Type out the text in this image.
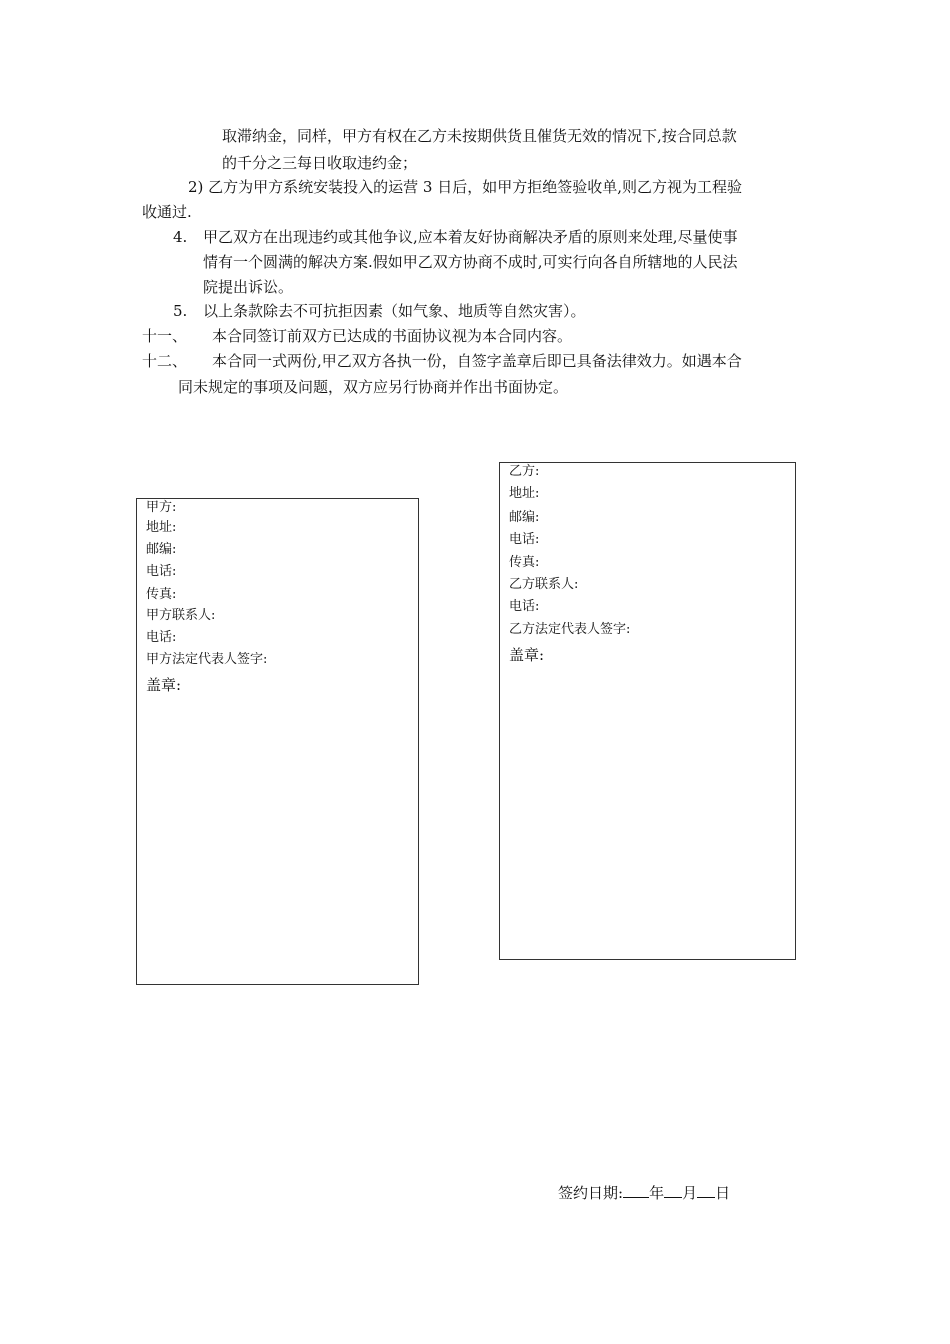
取滞纳金，同样，甲方有权在乙方未按期供货且催货无效的情况下,按合同总款
的千分之三每日收取违约金；
2) 乙方为甲方系统安装投入的运营 3 日后，如甲方拒绝签验收单,则乙方视为工程验
收通过.
4. 甲乙双方在出现违约或其他争议,应本着友好协商解决矛盾的原则来处理,尽量使事
情有一个圆满的解决方案.假如甲乙双方协商不成时,可实行向各自所辖地的人民法
院提出诉讼。
5. 以上条款除去不可抗拒因素（如气象、地质等自然灾害）。
十一、 本合同签订前双方已达成的书面协议视为本合同内容。
十二、 本合同一式两份,甲乙双方各执一份，自签字盖章后即已具备法律效力。如遇本合
同未规定的事项及问题，双方应另行协商并作出书面协定。
甲方:
地址:
邮编:
电话:
传真:
甲方联系人:
电话:
甲方法定代表人签字:
盖章:
乙方:
地址:
邮编:
电话:
传真:
乙方联系人:
电话:
乙方法定代表人签字:
盖章:
签约日期: 年 月 日
